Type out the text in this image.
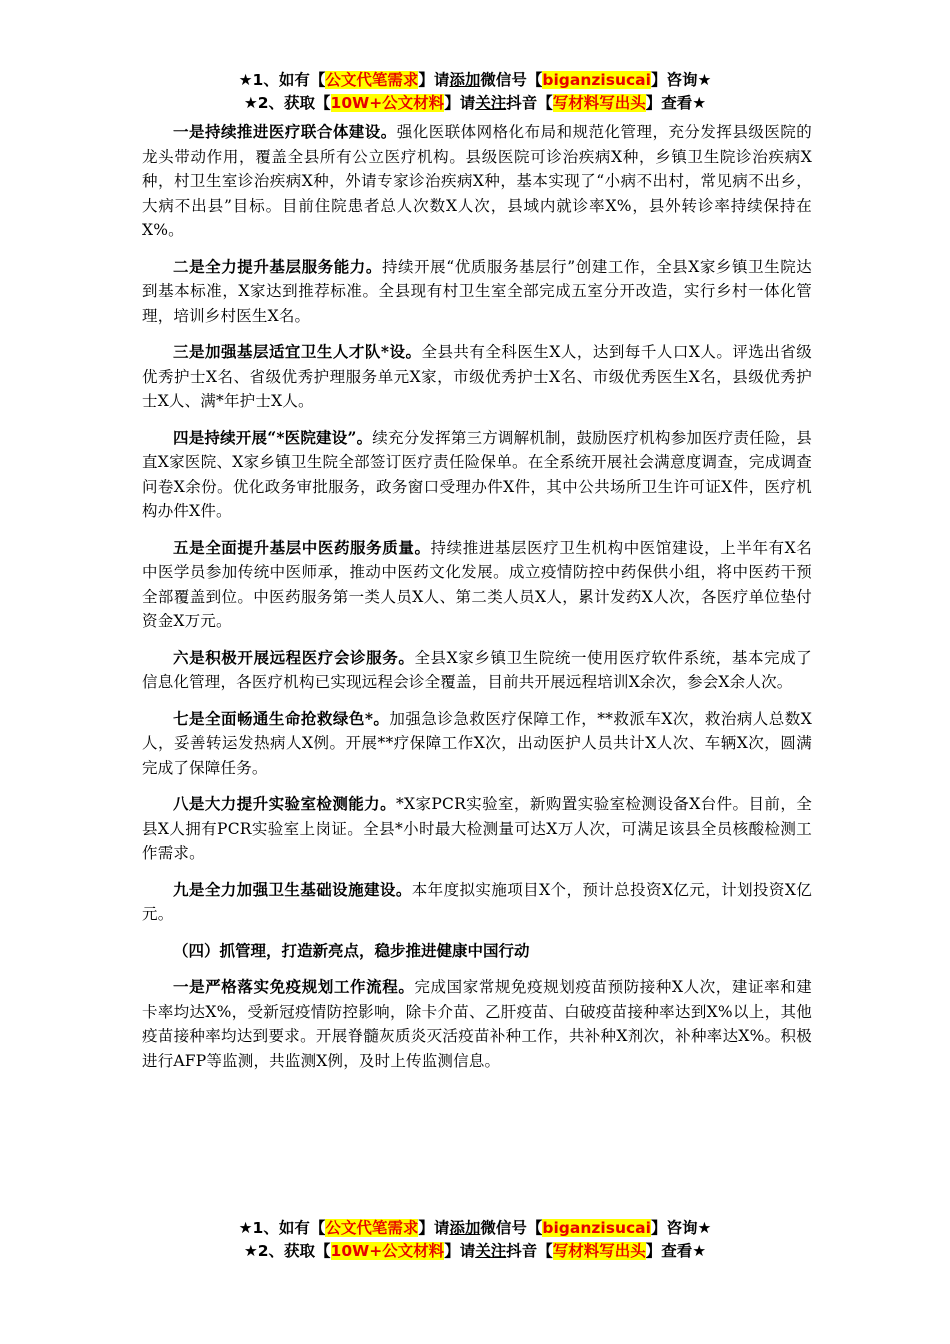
★1、如有【公文代笔需求】请添加微信号【biganzisucai】咨询★
★2、获取【10W+公文材料】请关注抖音【写材料写出头】查看★

一是持续推进医疗联合体建设。强化医联体网格化布局和规范化管理，充分发挥县级医院的龙头带动作用，覆盖全县所有公立医疗机构。县级医院可诊治疾病X种，乡镇卫生院诊治疾病X种，村卫生室诊治疾病X种，外请专家诊治疾病X种，基本实现了“小病不出村，常见病不出乡，大病不出县”目标。目前住院患者总人次数X人次，县域内就诊率X%，县外转诊率持续保持在X%。

二是全力提升基层服务能力。持续开展“优质服务基层行”创建工作，全县X家乡镇卫生院达到基本标准，X家达到推荐标准。全县现有村卫生室全部完成五室分开改造，实行乡村一体化管理，培训乡村医生X名。

三是加强基层适宜卫生人才队*设。全县共有全科医生X人，达到每千人口X人。评选出省级优秀护士X名、省级优秀护理服务单元X家，市级优秀护士X名、市级优秀医生X名，县级优秀护士X人、满*年护士X人。

四是持续开展“*医院建设”。续充分发挥第三方调解机制，鼓励医疗机构参加医疗责任险，县直X家医院、X家乡镇卫生院全部签订医疗责任险保单。在全系统开展社会满意度调查，完成调查问卷X余份。优化政务审批服务，政务窗口受理办件X件，其中公共场所卫生许可证X件，医疗机构办件X件。

五是全面提升基层中医药服务质量。持续推进基层医疗卫生机构中医馆建设，上半年有X名中医学员参加传统中医师承，推动中医药文化发展。成立疫情防控中药保供小组，将中医药干预全部覆盖到位。中医药服务第一类人员X人、第二类人员X人，累计发药X人次，各医疗单位垫付资金X万元。

六是积极开展远程医疗会诊服务。全县X家乡镇卫生院统一使用医疗软件系统，基本完成了信息化管理，各医疗机构已实现远程会诊全覆盖，目前共开展远程培训X余次，参会X余人次。

七是全面畅通生命抢救绿色*。加强急诊急救医疗保障工作，**救派车X次，救治病人总数X人，妥善转运发热病人X例。开展**疗保障工作X次，出动医护人员共计X人次、车辆X次，圆满完成了保障任务。

八是大力提升实验室检测能力。*X家PCR实验室，新购置实验室检测设备X台件。目前，全县X人拥有PCR实验室上岗证。全县*小时最大检测量可达X万人次，可满足该县全员核酸检测工作需求。

九是全力加强卫生基础设施建设。本年度拟实施项目X个，预计总投资X亿元，计划投资X亿元。

（四）抓管理，打造新亮点，稳步推进健康中国行动

一是严格落实免疫规划工作流程。完成国家常规免疫规划疫苗预防接种X人次，建证率和建卡率均达X%，受新冠疫情防控影响，除卡介苗、乙肝疫苗、白破疫苗接种率达到X%以上，其他疫苗接种率均达到要求。开展脊髓灰质炎灭活疫苗补种工作，共补种X剂次，补种率达X%。积极进行AFP等监测，共监测X例，及时上传监测信息。

★1、如有【公文代笔需求】请添加微信号【biganzisucai】咨询★
★2、获取【10W+公文材料】请关注抖音【写材料写出头】查看★
